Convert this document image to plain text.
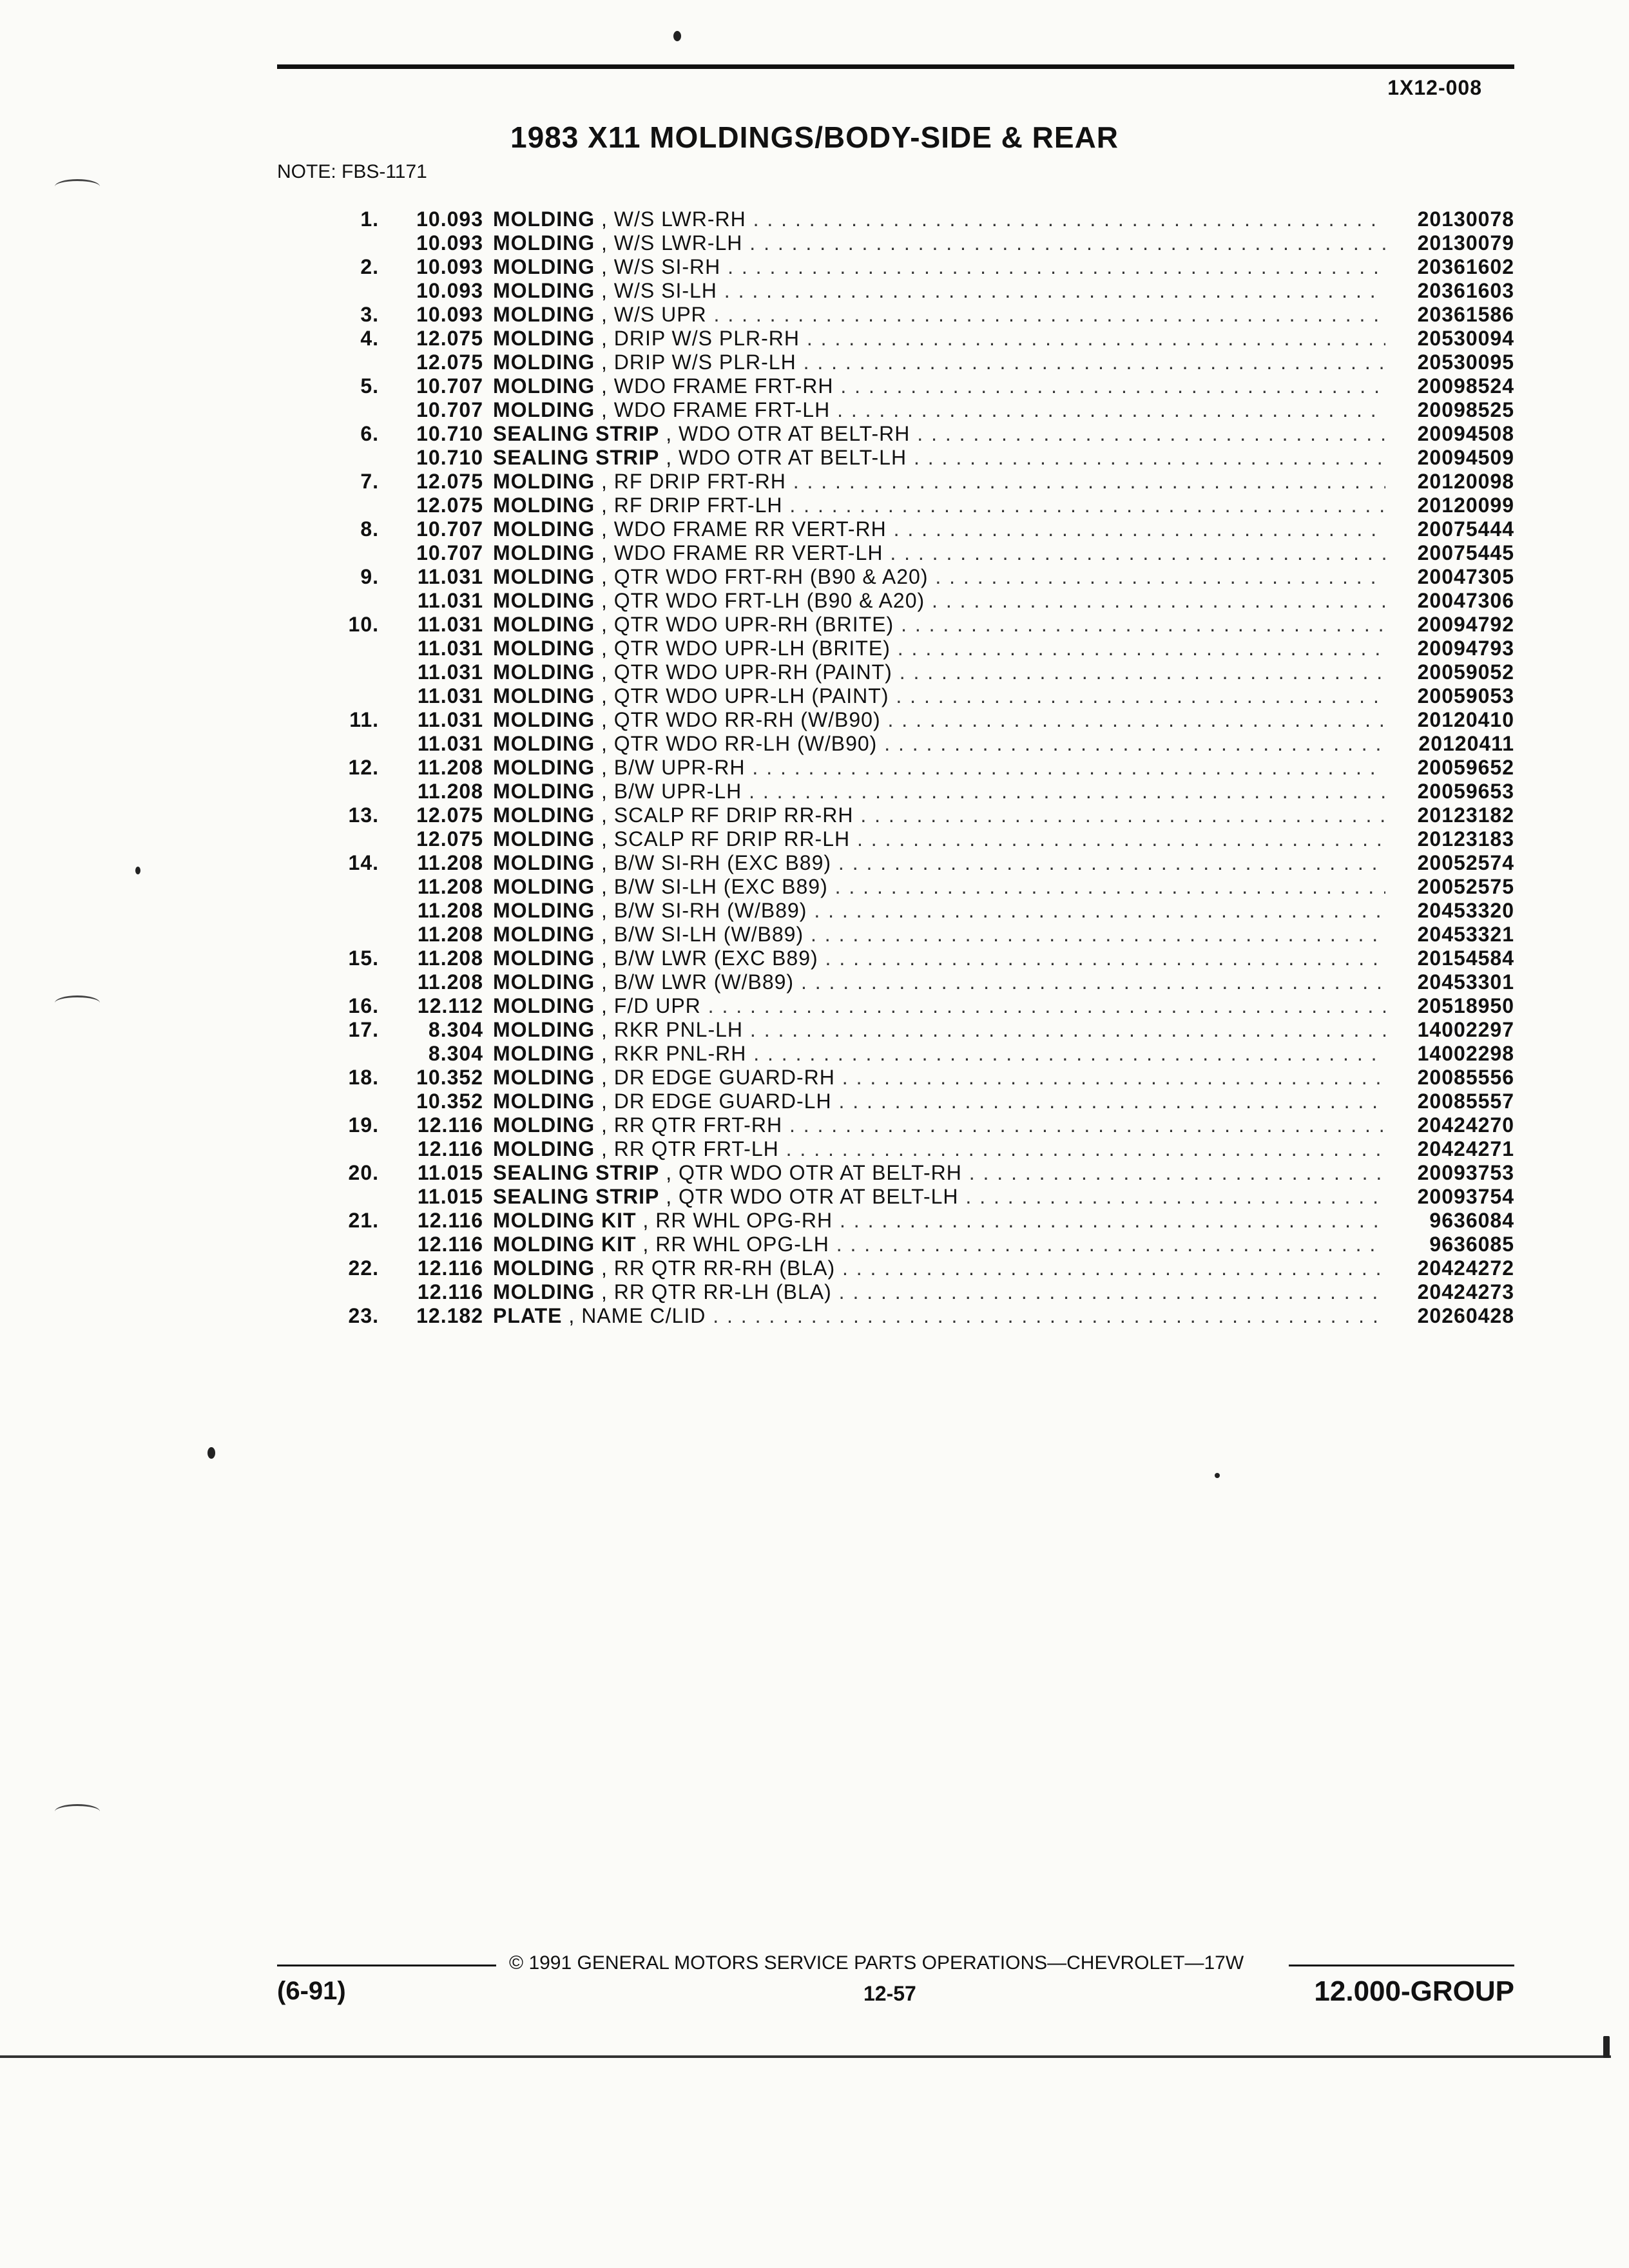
1X12-008
1983 X11 MOLDINGS/BODY-SIDE & REAR
NOTE: FBS-1171
1.	10.093 MOLDING , W/S LWR-RH . . .	20130078
10.093 MOLDING , W/S LWR-LH . . .	20130079
2.	10.093 MOLDING , W/S SI-RH . . .	20361602
10.093 MOLDING , W/S SI-LH . . .	20361603
3.	10.093 MOLDING , W/S UPR . . .	20361586
4.	12.075 MOLDING , DRIP W/S PLR-RH . . .	20530094
12.075 MOLDING , DRIP W/S PLR-LH . . .	20530095
5.	10.707 MOLDING , WDO FRAME FRT-RH . . .	20098524
10.707 MOLDING , WDO FRAME FRT-LH . . .	20098525
6.	10.710 SEALING STRIP , WDO OTR AT BELT-RH . . .	20094508
10.710 SEALING STRIP , WDO OTR AT BELT-LH . . .	20094509
7.	12.075 MOLDING , RF DRIP FRT-RH . . .	20120098
12.075 MOLDING , RF DRIP FRT-LH . . .	20120099
8.	10.707 MOLDING , WDO FRAME RR VERT-RH . . .	20075444
10.707 MOLDING , WDO FRAME RR VERT-LH . . .	20075445
9.	11.031 MOLDING , QTR WDO FRT-RH (B90 & A20) . . .	20047305
11.031 MOLDING , QTR WDO FRT-LH (B90 & A20) . . .	20047306
10.	11.031 MOLDING , QTR WDO UPR-RH (BRITE) . . .	20094792
11.031 MOLDING , QTR WDO UPR-LH (BRITE) . . .	20094793
11.031 MOLDING , QTR WDO UPR-RH (PAINT) . . .	20059052
11.031 MOLDING , QTR WDO UPR-LH (PAINT) . . .	20059053
11.	11.031 MOLDING , QTR WDO RR-RH (W/B90) . . .	20120410
11.031 MOLDING , QTR WDO RR-LH (W/B90) . . .	20120411
12.	11.208 MOLDING , B/W UPR-RH . . .	20059652
11.208 MOLDING , B/W UPR-LH . . .	20059653
13.	12.075 MOLDING , SCALP RF DRIP RR-RH . . .	20123182
12.075 MOLDING , SCALP RF DRIP RR-LH . . .	20123183
14.	11.208 MOLDING , B/W SI-RH (EXC B89) . . .	20052574
11.208 MOLDING , B/W SI-LH (EXC B89) . . .	20052575
11.208 MOLDING , B/W SI-RH (W/B89) . . .	20453320
11.208 MOLDING , B/W SI-LH (W/B89) . . .	20453321
15.	11.208 MOLDING , B/W LWR (EXC B89) . . .	20154584
11.208 MOLDING , B/W LWR (W/B89) . . .	20453301
16.	12.112 MOLDING , F/D UPR . . .	20518950
17.	8.304 MOLDING , RKR PNL-LH . . .	14002297
8.304 MOLDING , RKR PNL-RH . . .	14002298
18.	10.352 MOLDING , DR EDGE GUARD-RH . . .	20085556
10.352 MOLDING , DR EDGE GUARD-LH . . .	20085557
19.	12.116 MOLDING , RR QTR FRT-RH . . .	20424270
12.116 MOLDING , RR QTR FRT-LH . . .	20424271
20.	11.015 SEALING STRIP , QTR WDO OTR AT BELT-RH . . .	20093753
11.015 SEALING STRIP , QTR WDO OTR AT BELT-LH . . .	20093754
21.	12.116 MOLDING KIT , RR WHL OPG-RH . . .	9636084
12.116 MOLDING KIT , RR WHL OPG-LH . . .	9636085
22.	12.116 MOLDING , RR QTR RR-RH (BLA) . . .	20424272
12.116 MOLDING , RR QTR RR-LH (BLA) . . .	20424273
23.	12.182 PLATE , NAME C/LID . . .	20260428
© 1991 GENERAL MOTORS SERVICE PARTS OPERATIONS—CHEVROLET—17W
(6-91)	12-57	12.000-GROUP
